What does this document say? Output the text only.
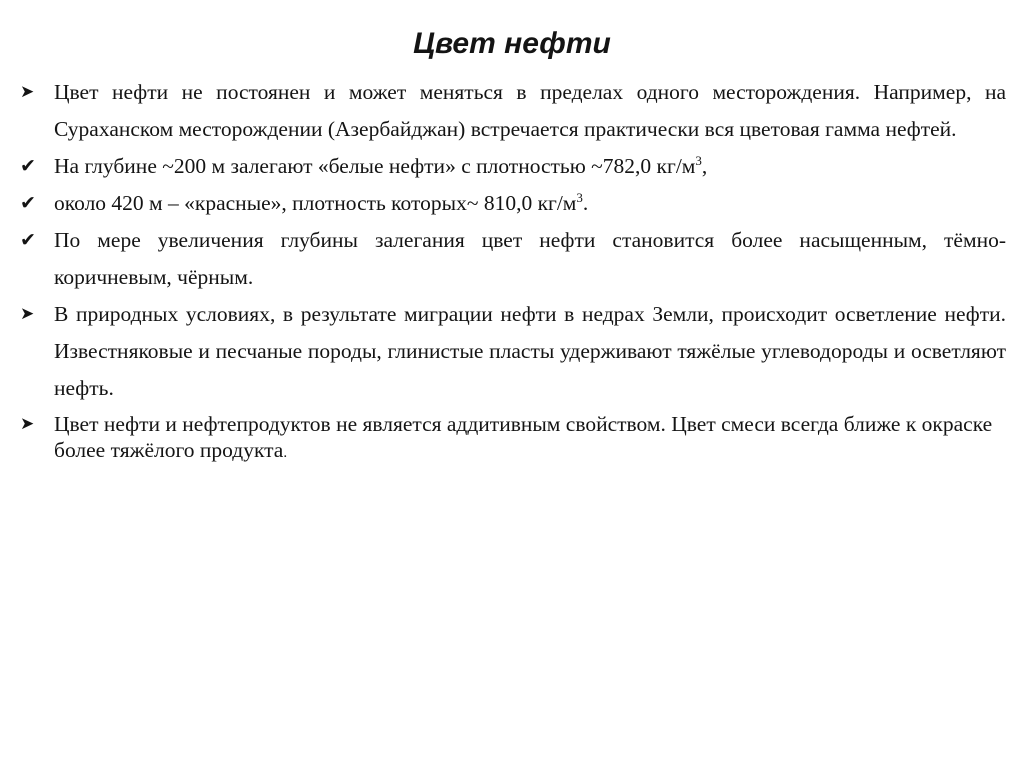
Цвет нефти
➤ Цвет нефти не постоянен и может меняться в пределах одного месторождения. Например, на Сураханском месторождении (Азербайджан) встречается практически вся цветовая гамма нефтей.
✔ На глубине ~200 м залегают «белые нефти» с плотностью ~782,0 $кг/м^3$,
✔ около 420 м – «красные», плотность которых~ 810,0 $кг/м^3$.
✔ По мере увеличения глубины залегания цвет нефти становится более насыщенным, тёмно-коричневым, чёрным.
➤ В природных условиях, в результате миграции нефти в недрах Земли, происходит осветление нефти. Известняковые и песчаные породы, глинистые пласты удерживают тяжёлые углеводороды и осветляют нефть.
➤ Цвет нефти и нефтепродуктов не является аддитивным свойством. Цвет смеси всегда ближе к окраске более тяжёлого продукта.
